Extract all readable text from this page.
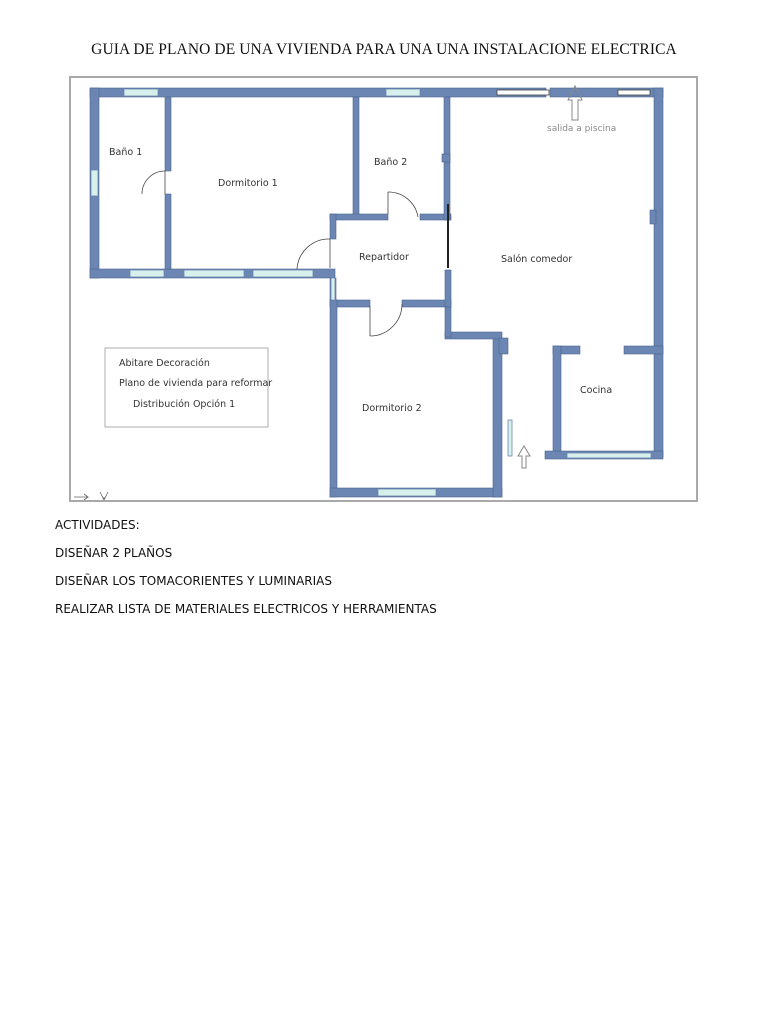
GUIA DE PLANO DE UNA VIVIENDA PARA UNA UNA INSTALACIONE ELECTRICA
Baño 1
Dormitorio 1
Baño 2
Repartidor	Salón comedor
Dormitorio 2
Cocina
salida a piscina
Abitare Decoración
Plano de vivienda para reformar
Distribución Opción 1

ACTIVIDADES:

DISEÑAR 2 PLAÑOS

DISEÑAR LOS TOMACORIENTES Y LUMINARIAS

REALIZAR LISTA DE MATERIALES ELECTRICOS Y HERRAMIENTAS
